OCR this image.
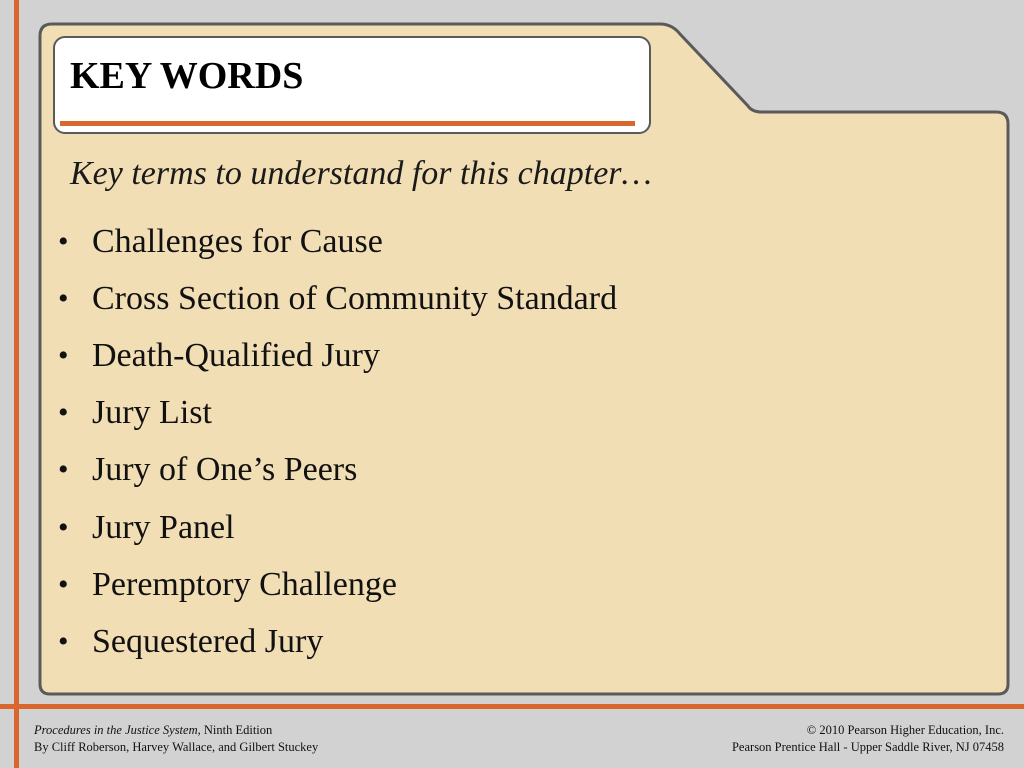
KEY WORDS

Key terms to understand for this chapter…

• Challenges for Cause
• Cross Section of Community Standard
• Death-Qualified Jury
• Jury List
• Jury of One’s Peers
• Jury Panel
• Peremptory Challenge
• Sequestered Jury
Procedures in the Justice System, Ninth Edition
By Cliff Roberson, Harvey Wallace, and Gilbert Stuckey
© 2010 Pearson Higher Education, Inc.
Pearson Prentice Hall - Upper Saddle River, NJ 07458
